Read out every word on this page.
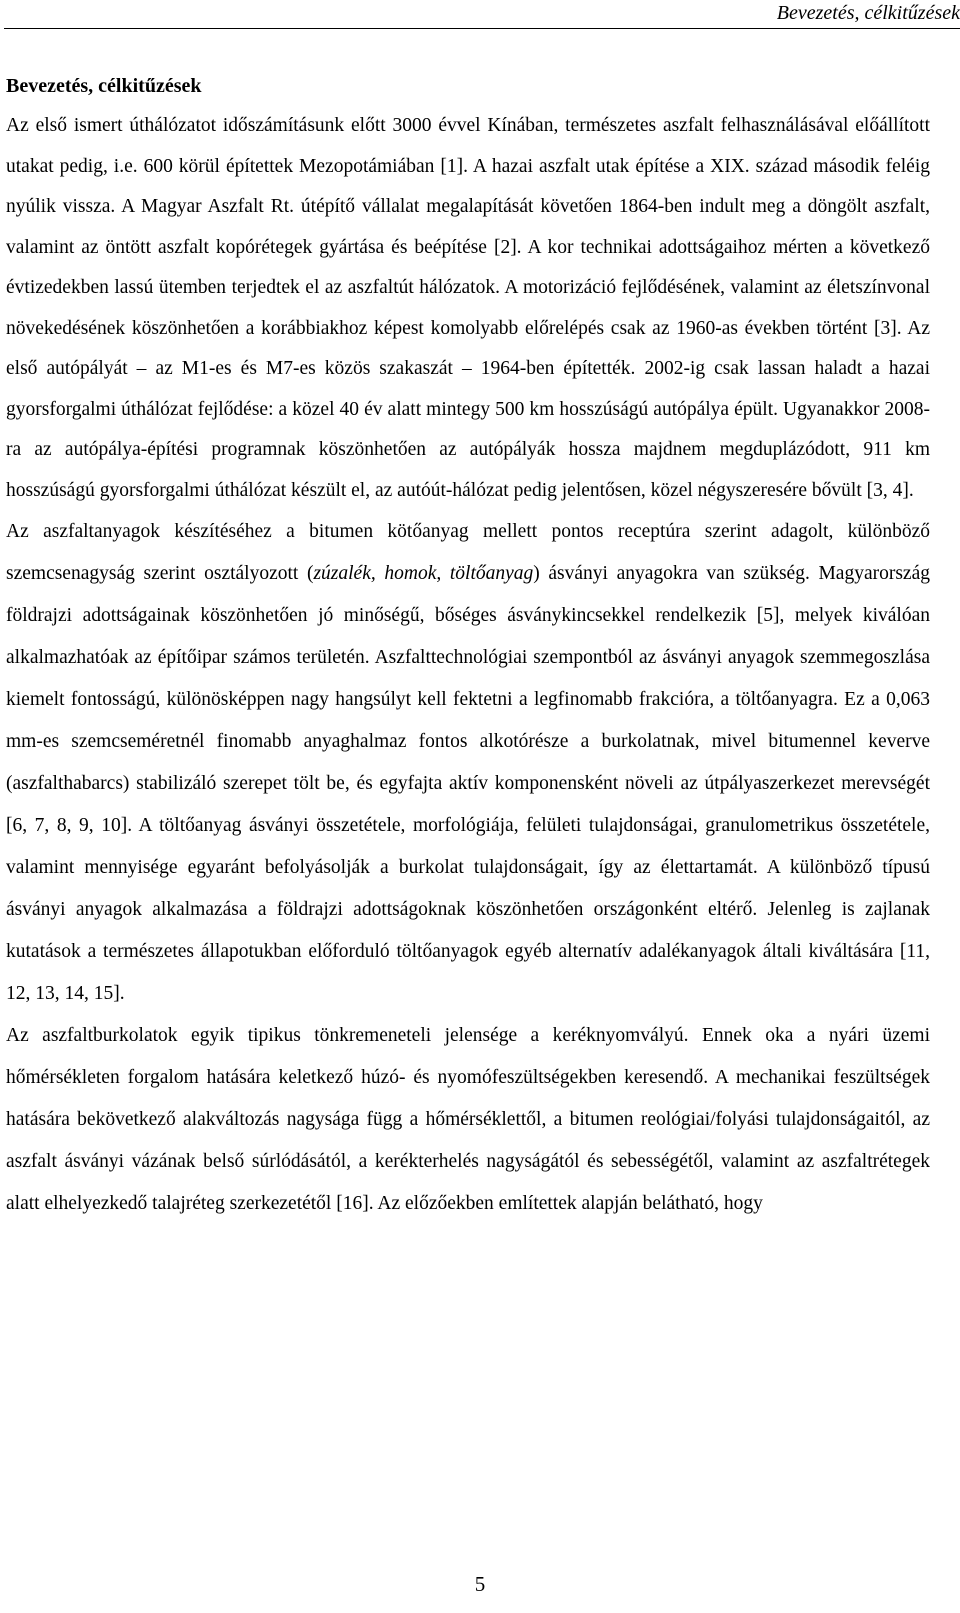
Bevezetés, célkitűzések
Bevezetés, célkitűzések

Az első ismert úthálózatot időszámításunk előtt 3000 évvel Kínában, természetes aszfalt felhasználásával előállított utakat pedig, i.e. 600 körül építettek Mezopotámiában [1]. A hazai aszfalt utak építése a XIX. század második feléig nyúlik vissza. A Magyar Aszfalt Rt. útépítő vállalat megalapítását követően 1864-ben indult meg a döngölt aszfalt, valamint az öntött aszfalt kopórétegek gyártása és beépítése [2]. A kor technikai adottságaihoz mérten a következő évtizedekben lassú ütemben terjedtek el az aszfaltút hálózatok. A motorizáció fejlődésének, valamint az életszínvonal növekedésének köszönhetően a korábbiakhoz képest komolyabb előrelépés csak az 1960-as években történt [3]. Az első autópályát – az M1-es és M7-es közös szakaszát – 1964-ben építették. 2002-ig csak lassan haladt a hazai gyorsforgalmi úthálózat fejlődése: a közel 40 év alatt mintegy 500 km hosszúságú autópálya épült. Ugyanakkor 2008-ra az autópálya-építési programnak köszönhetően az autópályák hossza majdnem megduplázódott, 911 km hosszúságú gyorsforgalmi úthálózat készült el, az autóút-hálózat pedig jelentősen, közel négyszeresére bővült [3, 4].

Az aszfaltanyagok készítéséhez a bitumen kötőanyag mellett pontos receptúra szerint adagolt, különböző szemcsenagyság szerint osztályozott (zúzalék, homok, töltőanyag) ásványi anyagokra van szükség. Magyarország földrajzi adottságainak köszönhetően jó minőségű, bőséges ásványkincsekkel rendelkezik [5], melyek kiválóan alkalmazhatóak az építőipar számos területén. Aszfalttechnológiai szempontból az ásványi anyagok szemmegoszlása kiemelt fontosságú, különösképpen nagy hangsúlyt kell fektetni a legfinomabb frakcióra, a töltőanyagra. Ez a 0,063 mm-es szemcseméretnél finomabb anyaghalmaz fontos alkotórésze a burkolatnak, mivel bitumennel keverve (aszfalthabarcs) stabilizáló szerepet tölt be, és egyfajta aktív komponensként növeli az útpályaszerkezet merevségét [6, 7, 8, 9, 10]. A töltőanyag ásványi összetétele, morfológiája, felületi tulajdonságai, granulometrikus összetétele, valamint mennyisége egyaránt befolyásolják a burkolat tulajdonságait, így az élettartamát. A különböző típusú ásványi anyagok alkalmazása a földrajzi adottságoknak köszönhetően országonként eltérő. Jelenleg is zajlanak kutatások a természetes állapotukban előforduló töltőanyagok egyéb alternatív adalékanyagok általi kiváltására [11, 12, 13, 14, 15].

Az aszfaltburkolatok egyik tipikus tönkremeneteli jelensége a keréknyomvályú. Ennek oka a nyári üzemi hőmérsékleten forgalom hatására keletkező húzó- és nyomófeszültségekben keresendő. A mechanikai feszültségek hatására bekövetkező alakváltozás nagysága függ a hőmérséklettől, a bitumen reológiai/folyási tulajdonságaitól, az aszfalt ásványi vázának belső súrlódásától, a kerékterhelés nagyságától és sebességétől, valamint az aszfaltrétegek alatt elhelyezkedő talajréteg szerkezetétől [16]. Az előzőekben említettek alapján belátható, hogy

5
